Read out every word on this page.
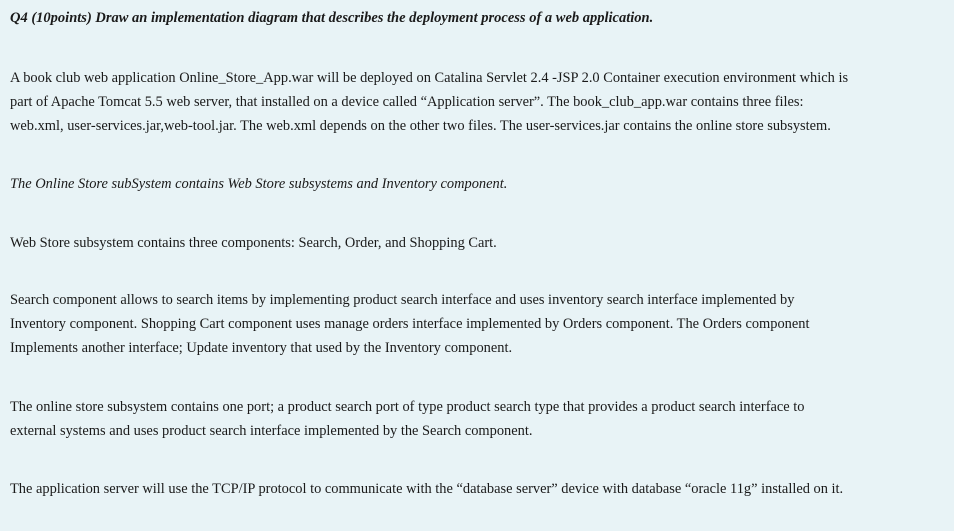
Q4 (10points) Draw an implementation diagram that describes the deployment process of a web application.
A book club web application Online_Store_App.war will be deployed on Catalina Servlet 2.4 -JSP 2.0 Container execution environment which is
part of Apache Tomcat 5.5 web server, that installed on a device called “Application server”. The book_club_app.war contains three files:
web.xml, user-services.jar,web-tool.jar. The web.xml depends on the other two files. The user-services.jar contains the online store subsystem.
The Online Store subSystem contains Web Store subsystems and Inventory component.
Web Store subsystem contains three components: Search, Order, and Shopping Cart.
Search component allows to search items by implementing product search interface and uses inventory search interface implemented by
Inventory component. Shopping Cart component uses manage orders interface implemented by Orders component. The Orders component
Implements another interface; Update inventory that used by the Inventory component.
The online store subsystem contains one port; a product search port of type product search type that provides a product search interface to
external systems and uses product search interface implemented by the Search component.
The application server will use the TCP/IP protocol to communicate with the “database server” device with database “oracle 11g” installed on it.
